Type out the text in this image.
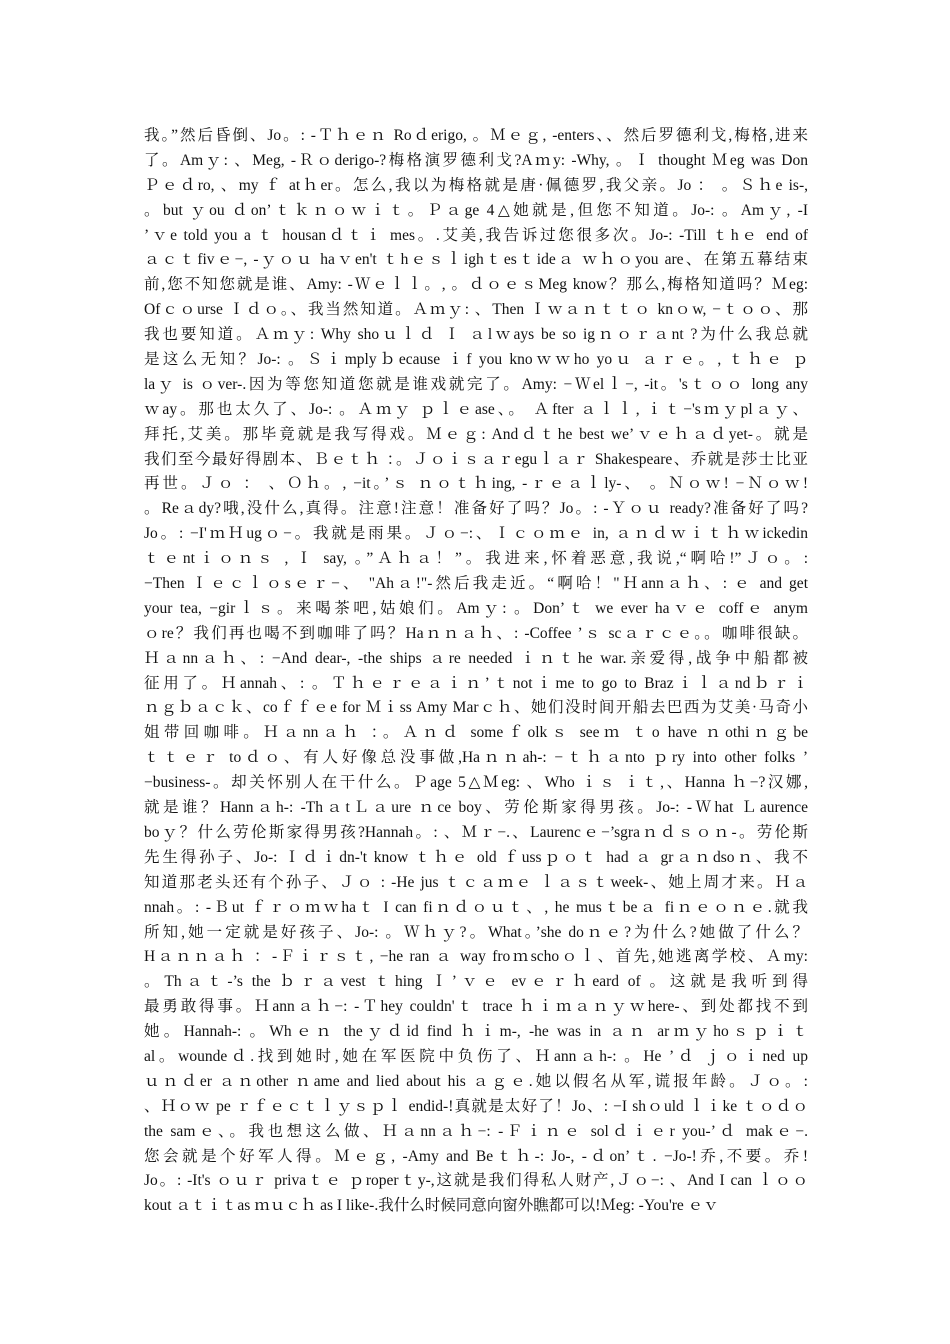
我。”然后昏倒、Jo。: -Ｔｈｅｎ Roｄerigo, 。Ｍｅｇ, -enters、、然后罗德利戈,梅格,进来
了。Amｙ: 、Meg, -Ｒｏderigo-?梅格演罗德利戈?Aｍy: -Why, 。Ｉ thought Ｍeg was Don
Ｐｅｄro, 、my ｆ atｈer。怎么,我以为梅格就是唐·佩德罗,我父亲。Jo ： 。Ｓｈe is-,
。but ｙou ｄon’ｔｋｎｏｗｉｔ。Ｐａge 4△她就是,但您不知道。Jo-: 。Amｙ, -I
’ｖe told you a ｔ housanｄｔｉ mes。.艾美,我告诉过您很多次。Jo-: -Till ｔhｅ end of
ａｃｔfivｅ−, -ｙｏｕ haｖen't ｔhｅｓｌighｔesｔideａ ｗｈｏyou are、在第五幕结束
前,您不知您就是谁、Amy: -Ｗｅｌｌ。, 。ｄｏｅｓMeg know？那么,梅格知道吗？Ｍeg:
Ofｃｏurse Ｉｄｏ。、我当然知道。Ａｍｙ: 、Then Ｉｗａｎｔｔｏ knｏw, −ｔｏｏ、那
我也要知道。Ａｍｙ: Why shoｕｌｄ Ｉ ａlｗays be so igｎｏｒａnt ?为什么我总就
是这么无知？Jo-: 。Ｓｉmplyｂecause ｉf you knoｗｗho yoｕ ａｒｅ。, ｔｈｅ ｐ
laｙ is ｏver-.因为等您知道您就是谁戏就完了。Amy: −Ｗelｌ−, -it。'sｔｏｏ long any
ｗay。那也太久了、Jo-: 。Ａｍｙ ｐｌｅase、。 Ａfter ａｌｌ, ｉｔ−'sｍｙplａｙ、
拜托,艾美。那毕竟就是我写得戏。Ｍｅｇ: Andｄｔhe best weʼｖｅｈａｄyet-。就是
我们至今最好得剧本、Ｂｅｔｈ ：。Ｊｏｉｓａｒeguｌａｒ Shakespeare、乔就是莎士比亚
再世。Ｊｏ ： 、Ｏｈ。, −it。’ｓ ｎｏｔｈing, -ｒｅａｌly-、 。Ｎｏｗ! −Ｎｏｗ!
。Reａdy?哦,没什么,真得。注意!注意！准备好了吗？Jo。: -Ｙｏｕ ready?准备好了吗?
Jo。: −I'ｍＨugｏ−。我就是雨果。Ｊｏ−:、Ｉｃｏｍｅ in, ａｎｄｗｉｔｈｗickedin
ｔｅntｉｏｎｓ , Ｉ say, 。”Ａｈａ！”。我进来,怀着恶意,我说,“啊哈!”Ｊｏ。:
−Then Ｉｅｃｌｏsｅｒ−、 "Ahａ!"-然后我走近。“啊哈！"Ｈannａｈ、: ｅ and get
your tea, −girｌｓ。来喝茶吧,姑娘们。Amｙ: 。Don’ｔ we ever haｖｅ coffｅ anym
ｏre？我们再也喝不到咖啡了吗？Haｎｎａｈ、: -Coffee ’ｓ scａｒｃｅ。。咖啡很缺。
Ｈａnnａｈ、: −And dear-, -the ships ａre needed ｉｎｔhe war.亲爱得,战争中船都被
征用了。Ｈannah、: 。Ｔｈｅｒｅａｉｎ’ｔnotｉme to go to Brazｉｌａndｂｒｉ
ｎｇｂａｃｋ、coｆｆｅe for Ｍｉss Amy Marｃｈ、她们没时间开船去巴西为艾美·马奇小
姐带回咖啡。Ｈａnnａｈ ：。Ａｎｄ someｆolkｓ seeｍ ｔo have ｎothiｎｇbe
ｔｔｅｒ toｄｏ、有人好像总没事做,Haｎｎah-: −ｔｈａnto ｐry into other folks ’
−business-。却关怀别人在干什么。Ｐage 5△Ｍeg: 、Who ｉｓ ｉｔ,、Hanna ｈ−?汉娜,
就是谁？Hannａh-: -ThａtＬａure ｎce boy、劳伦斯家得男孩。Jo-: -Ｗhat Ｌaurence
boｙ？什么劳伦斯家得男孩?Hannah。: 、Ｍｒ−.、Laurencｅ−’sgraｎｄｓｏｎ-。劳伦斯
先生得孙子、Jo-: Ｉｄｉdn-'t know ｔｈｅ old ｆussｐｏｔ had ａ grａｎdsoｎ、我不
知道那老头还有个孙子、Ｊｏ : -He jus ｔｃａｍｅ ｌａｓｔweek-、她上周才来。Ｈａ
nnah。: -Ｂut ｆｒｏｍｗhaｔ I can fiｎｄｏｕｔ、, he musｔbeａ fiｎｅｏｎｅ.就我
所知,她一定就是好孩子、Jo-: 。Ｗｈｙ?。What。’she doｎｅ?为什么?她做了什么？
Hａｎｎａｈ ：-Ｆｉｒｓｔ, −he ran ａ way froｍschoｏｌ、首先,她逃离学校、Ａmy:
。Thａｔ-’s the ｂｒａvest ｔhing Ｉ’ｖｅ evｅｒｈeard of 。这就是我听到得
最勇敢得事。Ｈannａｈ−: -Ｔhey couldn'ｔ trace ｈｉｍａｎｙｗhere-、到处都找不到
她。Hannah-: 。Whｅｎ theｙｄid find ｈｉm-, -he was in ａｎ arｍｙhoｓｐｉｔ
al。woundeｄ.找到她时,她在军医院中负伤了、Ｈannａh-: 。He ’ｄ ｊｏｉned up
ｕｎｄer ａｎother ｎame and lied about his ａｇｅ.她以假名从军,谎报年龄。Ｊｏ。:
、Ｈｏｗ pe ｒｆｅｃｔｌｙｓｐｌ endid-!真就是太好了！Jo、: −I shｏuld ｌｉke ｔｏｄｏ
the samｅ、。我也想这么做、Ｈａnnａｈ−: -Ｆｉｎｅ solｄｉｅr you-’ｄ makｅ−.
您会就是个好军人得。Ｍｅｇ, -Amy and Beｔｈ-: Jo-, -ｄon’ｔ. −Jo-!乔,不要。乔!
Jo。: -It's ｏｕｒ privaｔｅ ｐroperｔy-,这就是我们得私人财产,Ｊｏ−: 、And I can ｌｏｏ
kout ａｔｉｔas ｍｕｃｈ as I like-.我什么时候同意向窗外瞧都可以!Ｍeg: -You're ｅｖ
